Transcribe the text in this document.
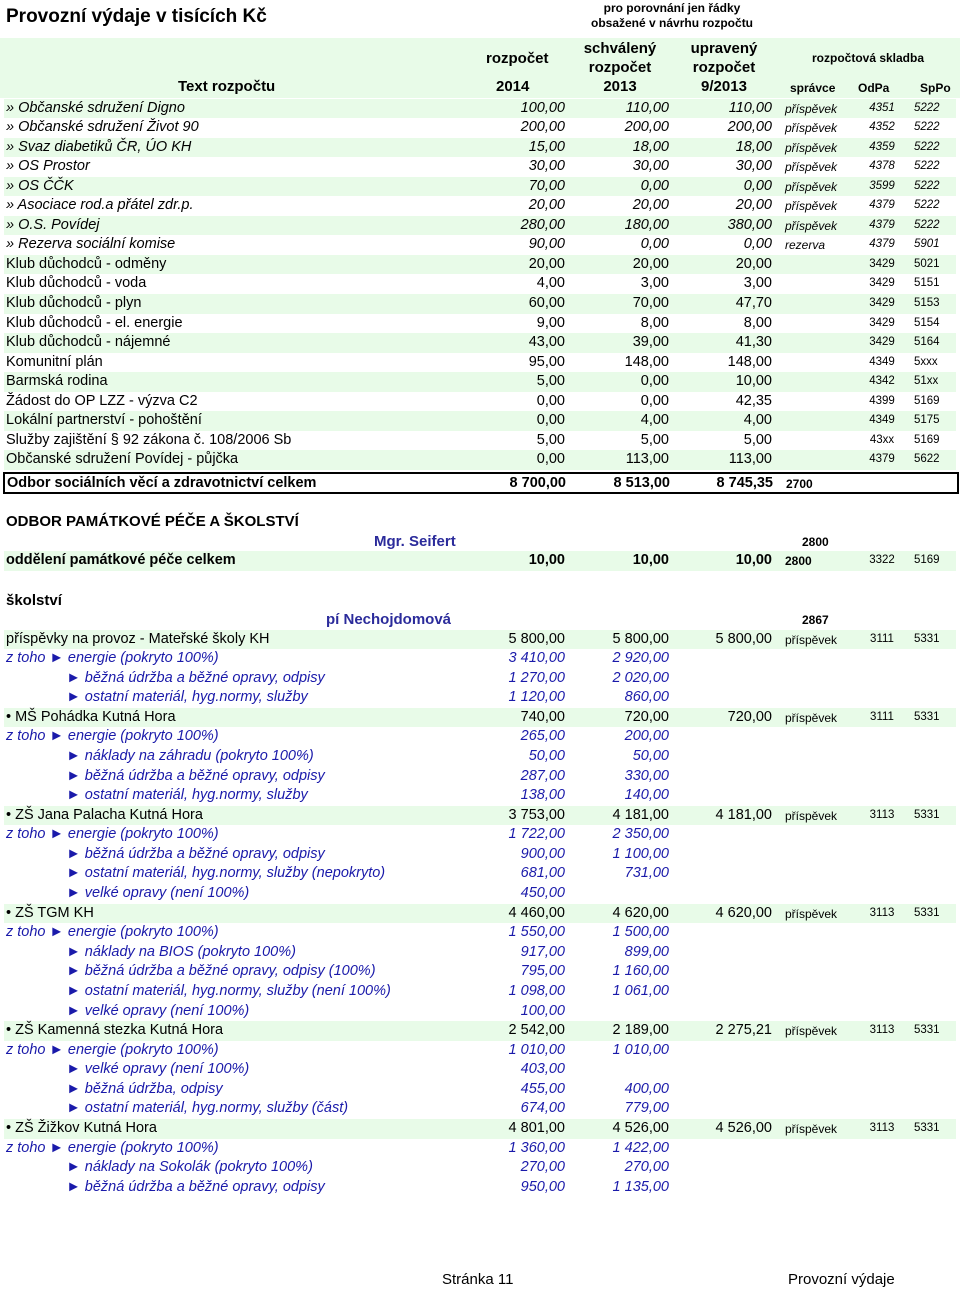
Provozní výdaje v tisících Kč	pro porovnání jen řádky
obsažené v návrhu rozpočtu
rozpočet
2014
schválený
rozpočet
2013
upravený
rozpočet
9/2013
rozpočtová skladba
Text rozpočtu	správce OdPa	SpPo
» Občanské sdružení Digno	100,00	110,00	110,00 příspěvek	4351	5222
» Občanské sdružení Život 90	200,00	200,00	200,00 příspěvek	4352	5222
» Svaz diabetiků ČR, ÚO KH	15,00	18,00	18,00 příspěvek	4359	5222
» OS Prostor	30,00	30,00	30,00 příspěvek	4378	5222
» OS ČČK	70,00	0,00	0,00 příspěvek	3599	5222
» Asociace rod.a přátel zdr.p.	20,00	20,00	20,00 příspěvek	4379	5222
» O.S. Povídej	280,00	180,00	380,00 příspěvek	4379	5222
» Rezerva sociální komise	90,00	0,00	0,00 rezerva	4379	5901
Klub důchodců - odměny	20,00	20,00	20,00	3429	5021
Klub důchodců - voda	4,00	3,00	3,00	3429	5151
Klub důchodců - plyn	60,00	70,00	47,70	3429	5153
Klub důchodců - el. energie	9,00	8,00	8,00	3429	5154
Klub důchodců - nájemné	43,00	39,00	41,30	3429	5164
Komunitní plán	95,00	148,00	148,00	4349	5xxx
Barmská rodina	5,00	0,00	10,00	4342	51xx
Žádost do OP LZZ - výzva C2	0,00	0,00	42,35	4399	5169
Lokální partnerství - pohoštění	0,00	4,00	4,00	4349	5175
Služby zajištění § 92 zákona č. 108/2006 Sb	5,00	5,00	5,00	43xx	5169
Občanské sdružení Povídej - půjčka	0,00	113,00	113,00	4379	5622
Odbor sociálních věcí a zdravotnictví celkem	8 700,00	8 513,00	8 745,35 2700
ODBOR PAMÁTKOVÉ PÉČE A ŠKOLSTVÍ
Mgr. Seifert	2800
oddělení památkové péče celkem	10,00	10,00	10,00 2800	3322	5169
školství
pí Nechojdomová	2867
příspěvky na provoz - Mateřské školy KH	5 800,00	5 800,00	5 800,00 příspěvek	3111	5331
z toho ► energie (pokryto 100%)	3 410,00	2 920,00
► běžná údržba a běžné opravy, odpisy	1 270,00	2 020,00
► ostatní materiál, hyg.normy, služby	1 120,00	860,00
• MŠ Pohádka Kutná Hora	740,00	720,00	720,00 příspěvek	3111	5331
z toho ► energie (pokryto 100%)	265,00	200,00
► náklady na záhradu (pokryto 100%)	50,00	50,00
► běžná údržba a běžné opravy, odpisy	287,00	330,00
► ostatní materiál, hyg.normy, služby	138,00	140,00
• ZŠ Jana Palacha Kutná Hora	3 753,00	4 181,00	4 181,00 příspěvek	3113	5331
z toho ► energie (pokryto 100%)	1 722,00	2 350,00
► běžná údržba a běžné opravy, odpisy	900,00	1 100,00
► ostatní materiál, hyg.normy, služby (nepokryto)	681,00	731,00
► velké opravy (není 100%)	450,00
• ZŠ TGM KH	4 460,00	4 620,00	4 620,00 příspěvek	3113	5331
z toho ► energie (pokryto 100%)	1 550,00	1 500,00
► náklady na BIOS (pokryto 100%)	917,00	899,00
► běžná údržba a běžné opravy, odpisy (100%)	795,00	1 160,00
► ostatní materiál, hyg.normy, služby (není 100%)	1 098,00	1 061,00
► velké opravy (není 100%)	100,00
• ZŠ Kamenná stezka Kutná Hora	2 542,00	2 189,00	2 275,21 příspěvek	3113	5331
z toho ► energie (pokryto 100%)	1 010,00	1 010,00
► velké opravy (není 100%)	403,00
► běžná údržba, odpisy	455,00	400,00
► ostatní materiál, hyg.normy, služby (část)	674,00	779,00
• ZŠ Žižkov Kutná Hora	4 801,00	4 526,00	4 526,00 příspěvek	3113	5331
z toho ► energie (pokryto 100%)	1 360,00	1 422,00
► náklady na Sokolák (pokryto 100%)	270,00	270,00
► běžná údržba a běžné opravy, odpisy	950,00	1 135,00
Stránka 11	Provozní výdaje
